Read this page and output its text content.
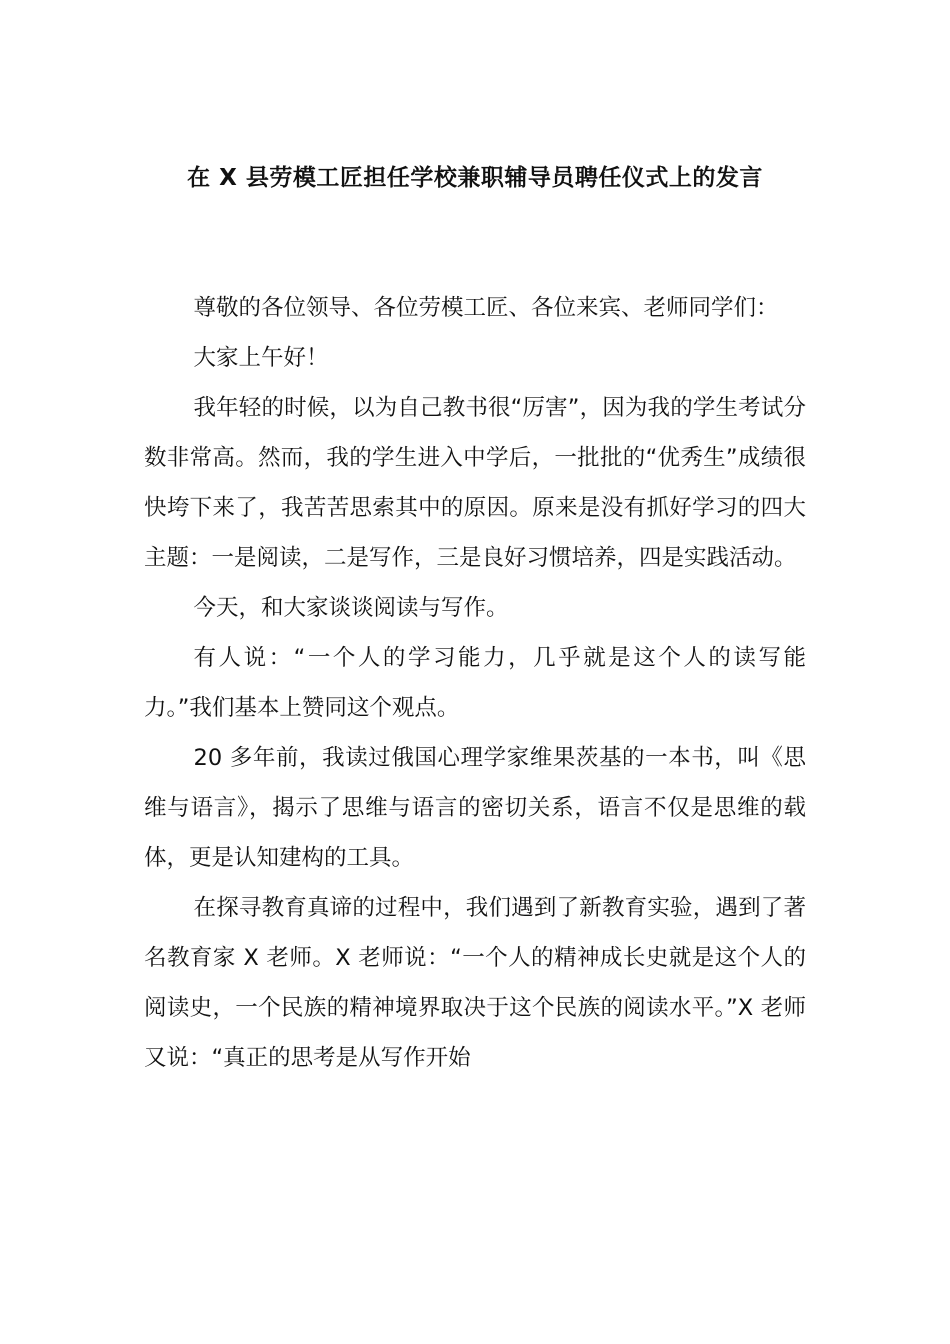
在 X 县劳模工匠担任学校兼职辅导员聘任仪式上的发言

尊敬的各位领导、各位劳模工匠、各位来宾、老师同学们：

大家上午好！

我年轻的时候，以为自己教书很“厉害”，因为我的学生考试分数非常高。然而，我的学生进入中学后，一批批的“优秀生”成绩很快垮下来了，我苦苦思索其中的原因。原来是没有抓好学习的四大主题：一是阅读，二是写作，三是良好习惯培养，四是实践活动。

今天，和大家谈谈阅读与写作。

有人说：“一个人的学习能力，几乎就是这个人的读写能力。”我们基本上赞同这个观点。

20 多年前，我读过俄国心理学家维果茨基的一本书，叫《思维与语言》，揭示了思维与语言的密切关系，语言不仅是思维的载体，更是认知建构的工具。

在探寻教育真谛的过程中，我们遇到了新教育实验，遇到了著名教育家 X 老师。X 老师说：“一个人的精神成长史就是这个人的阅读史，一个民族的精神境界取决于这个民族的阅读水平。”X 老师又说：“真正的思考是从写作开始
